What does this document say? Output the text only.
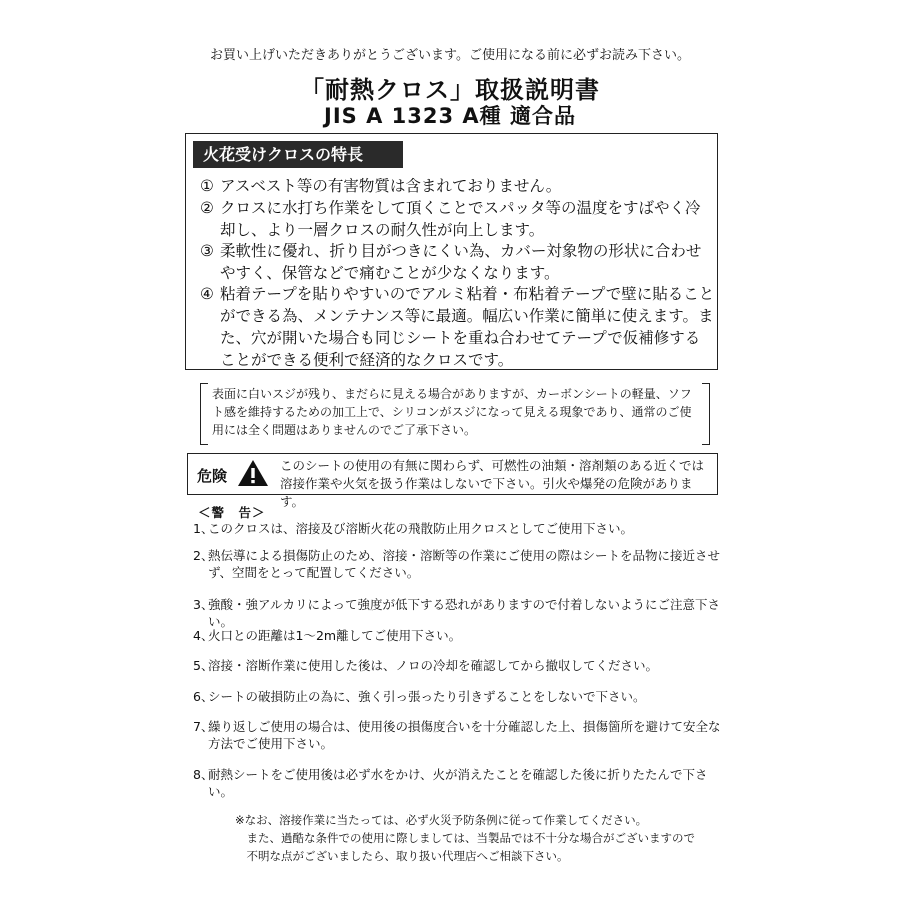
お買い上げいただきありがとうございます。ご使用になる前に必ずお読み下さい。
「耐熱クロス」取扱説明書
JIS A 1323 A種 適合品
火花受けクロスの特長
① アスベスト等の有害物質は含まれておりません。
② クロスに水打ち作業をして頂くことでスパッタ等の温度をすばやく冷却し、より一層クロスの耐久性が向上します。
③ 柔軟性に優れ、折り目がつきにくい為、カバー対象物の形状に合わせやすく、保管などで痛むことが少なくなります。
④ 粘着テープを貼りやすいのでアルミ粘着・布粘着テープで壁に貼ることができる為、メンテナンス等に最適。幅広い作業に簡単に使えます。また、穴が開いた場合も同じシートを重ね合わせてテープで仮補修することができる便利で経済的なクロスです。
表面に白いスジが残り、まだらに見える場合がありますが、カーボンシートの軽量、ソフト感を維持するための加工上で、シリコンがスジになって見える現象であり、通常のご使用には全く問題はありませんのでご了承下さい。
危険
このシートの使用の有無に関わらず、可燃性の油類・溶剤類のある近くでは溶接作業や火気を扱う作業はしないで下さい。引火や爆発の危険があります。
＜警　告＞
1、
このクロスは、溶接及び溶断火花の飛散防止用クロスとしてご使用下さい。
2、
熱伝導による損傷防止のため、溶接・溶断等の作業にご使用の際はシートを品物に接近させず、空間をとって配置してください。
3、
強酸・強アルカリによって強度が低下する恐れがありますので付着しないようにご注意下さい。
4、
火口との距離は1～2m離してご使用下さい。
5、
溶接・溶断作業に使用した後は、ノロの冷却を確認してから撤収してください。
6、
シートの破損防止の為に、強く引っ張ったり引きずることをしないで下さい。
7、
繰り返しご使用の場合は、使用後の損傷度合いを十分確認した上、損傷箇所を避けて安全な方法でご使用下さい。
8、
耐熱シートをご使用後は必ず水をかけ、火が消えたことを確認した後に折りたたんで下さい。
※なお、溶接作業に当たっては、必ず火災予防条例に従って作業してください。
　また、過酷な条件での使用に際しましては、当製品では不十分な場合がございますので
　不明な点がございましたら、取り扱い代理店へご相談下さい。
